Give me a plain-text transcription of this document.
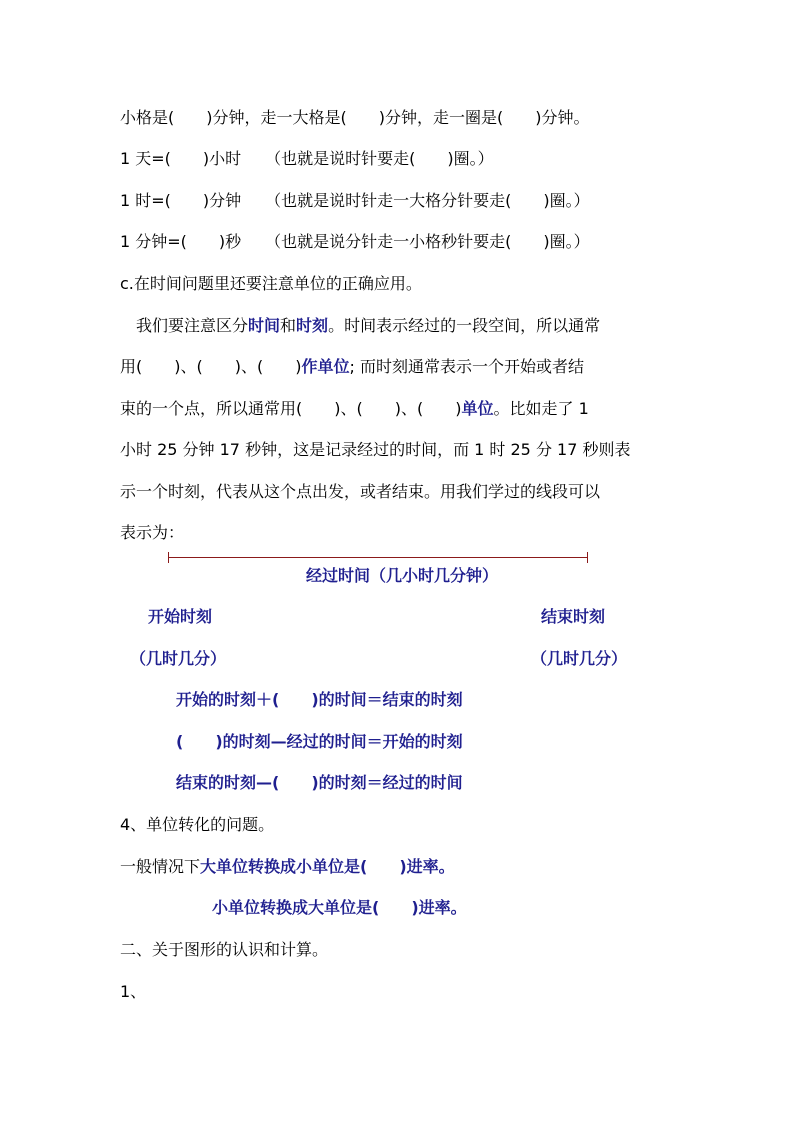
小格是(　　)分钟，走一大格是(　　)分钟，走一圈是(　　)分钟。
1 天=(　　)小时　　（也就是说时针要走(　　)圈。）
1 时=(　　)分钟　　（也就是说时针走一大格分针要走(　　)圈。）
1 分钟=(　　)秒　　（也就是说分针走一小格秒针要走(　　)圈。）
c.在时间问题里还要注意单位的正确应用。
　我们要注意区分时间和时刻。时间表示经过的一段空间，所以通常
用(　　)、(　　)、(　　)作单位; 而时刻通常表示一个开始或者结
束的一个点，所以通常用(　　)、(　　)、(　　)单位。比如走了 1
小时 25 分钟 17 秒钟，这是记录经过的时间，而 1 时 25 分 17 秒则表
示一个时刻，代表从这个点出发，或者结束。用我们学过的线段可以
表示为：
经过时间（几小时几分钟）
开始时刻	结束时刻
（几时几分）	（几时几分）
开始的时刻＋(　　)的时间＝结束的时刻
(　　)的时刻—经过的时间＝开始的时刻
结束的时刻—(　　)的时刻＝经过的时间
4、单位转化的问题。
一般情况下大单位转换成小单位是(　　)进率。
小单位转换成大单位是(　　)进率。
二、关于图形的认识和计算。
1、
